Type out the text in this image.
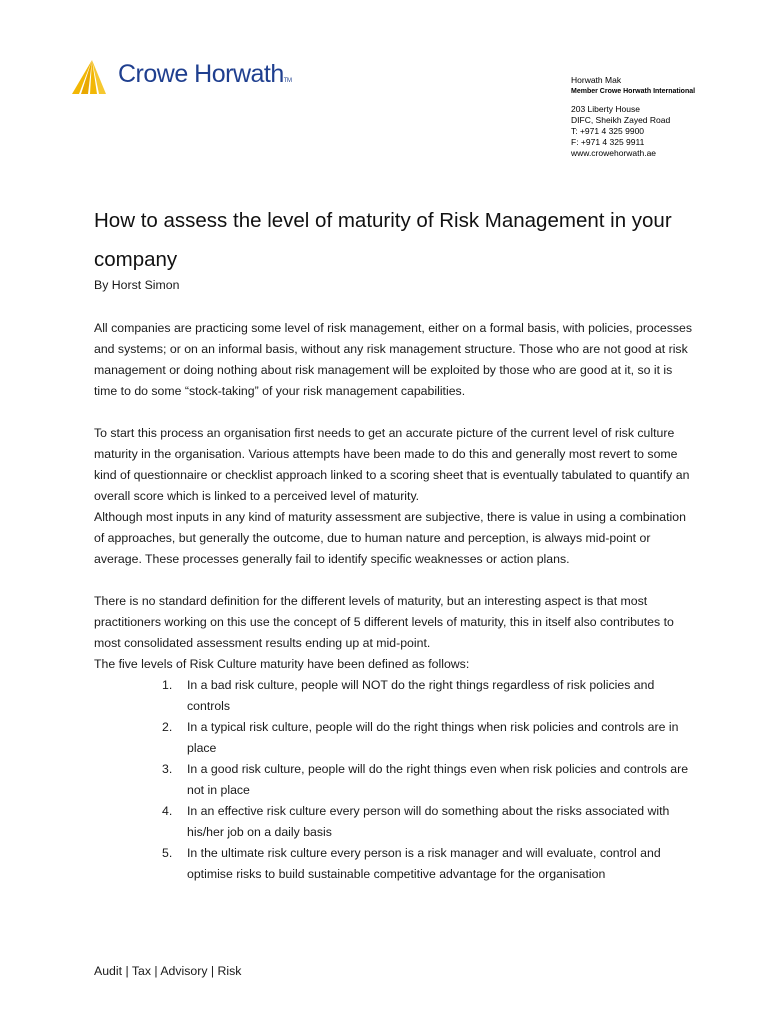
Crowe HorwathTM	Horwath Mak
Member Crowe Horwath International
203 Liberty House
DIFC, Sheikh Zayed Road
T: +971 4 325 9900
F: +971 4 325 9911
www.crowehorwath.ae
How to assess the level of maturity of Risk Management in your company
By Horst Simon

All companies are practicing some level of risk management, either on a formal basis, with policies, processes and systems; or on an informal basis, without any risk management structure. Those who are not good at risk management or doing nothing about risk management will be exploited by those who are good at it, so it is time to do some “stock-taking” of your risk management capabilities.

To start this process an organisation first needs to get an accurate picture of the current level of risk culture maturity in the organisation. Various attempts have been made to do this and generally most revert to some kind of questionnaire or checklist approach linked to a scoring sheet that is eventually tabulated to quantify an overall score which is linked to a perceived level of maturity.

Although most inputs in any kind of maturity assessment are subjective, there is value in using a combination of approaches, but generally the outcome, due to human nature and perception, is always mid-point or average. These processes generally fail to identify specific weaknesses or action plans.

There is no standard definition for the different levels of maturity, but an interesting aspect is that most practitioners working on this use the concept of 5 different levels of maturity, this in itself also contributes to most consolidated assessment results ending up at mid-point.

The five levels of Risk Culture maturity have been defined as follows:

1. In a bad risk culture, people will NOT do the right things regardless of risk policies and controls
2. In a typical risk culture, people will do the right things when risk policies and controls are in place
3. In a good risk culture, people will do the right things even when risk policies and controls are not in place
4. In an effective risk culture every person will do something about the risks associated with his/her job on a daily basis
5. In the ultimate risk culture every person is a risk manager and will evaluate, control and optimise risks to build sustainable competitive advantage for the organisation
Audit | Tax | Advisory | Risk
